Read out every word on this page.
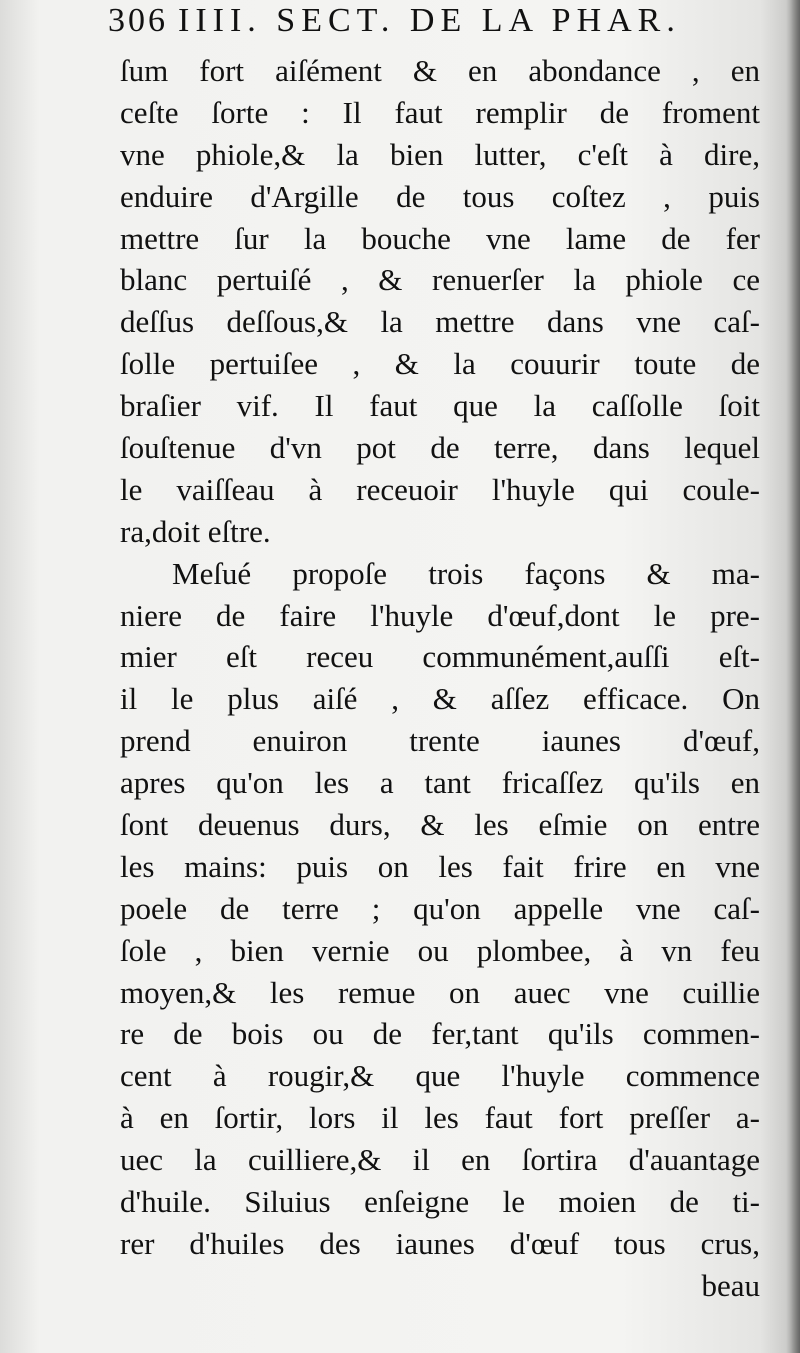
306 IIII. SECT. DE LA PHAR.
ſum fort aiſément & en abondance , en
ceſte ſorte : Il faut remplir de froment
vne phiole,& la bien lutter, c'eſt à dire,
enduire d'Argille de tous coſtez , puis
mettre ſur la bouche vne lame de fer
blanc pertuiſé , & renuerſer la phiole ce
deſſus deſſous,& la mettre dans vne caſ-
ſolle pertuiſee , & la couurir toute de
braſier vif. Il faut que la caſſolle ſoit
ſouſtenue d'vn pot de terre, dans lequel
le vaiſſeau à receuoir l'huyle qui coule-
ra,doit eſtre.
Meſué propoſe trois façons & ma-
niere de faire l'huyle d'œuf,dont le pre-
mier eſt receu communément,auſſi eſt-
il le plus aiſé , & aſſez efficace. On
prend enuiron trente iaunes d'œuf,
apres qu'on les a tant fricaſſez qu'ils en
ſont deuenus durs, & les eſmie on entre
les mains: puis on les fait frire en vne
poele de terre ; qu'on appelle vne caſ-
ſole , bien vernie ou plombee, à vn feu
moyen,& les remue on auec vne cuillie
re de bois ou de fer,tant qu'ils commen-
cent à rougir,& que l'huyle commence
à en ſortir, lors il les faut fort preſſer a-
uec la cuilliere,& il en ſortira d'auantage
d'huile. Siluius enſeigne le moien de ti-
rer d'huiles des iaunes d'œuf tous crus,
beau
